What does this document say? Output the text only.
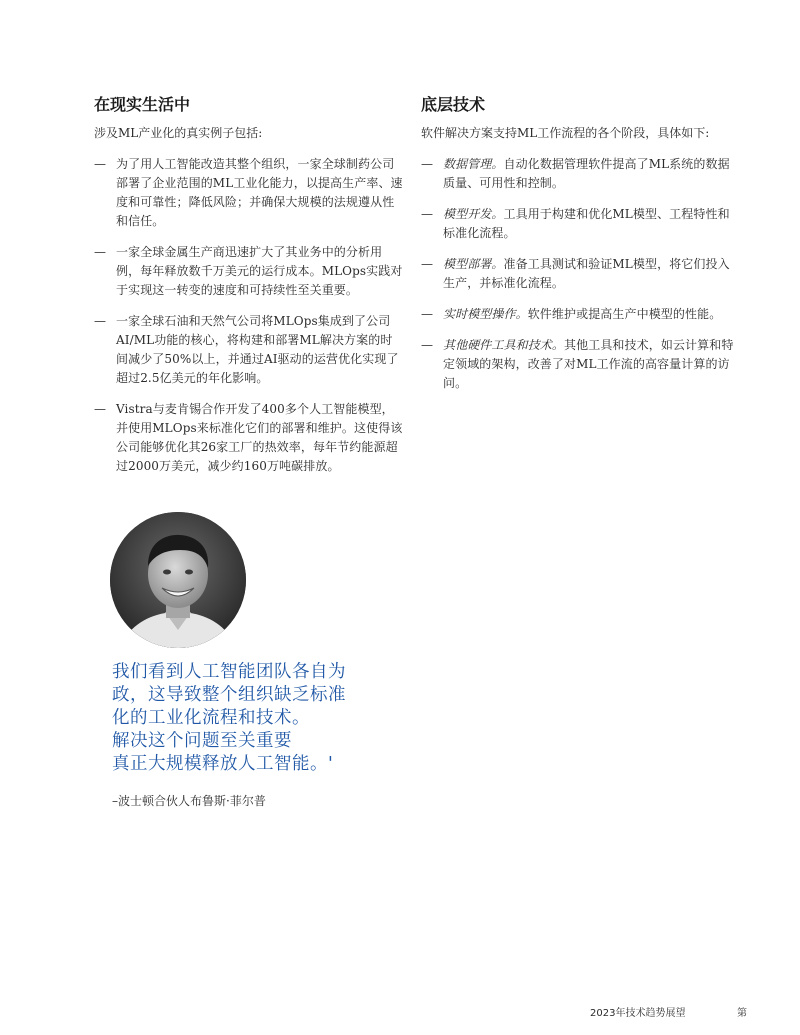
在现实生活中

涉及ML产业化的真实例子包括:

— 为了用人工智能改造其整个组织，一家全球制药公司部署了企业范围的ML工业化能力，以提高生产率、速度和可靠性；降低风险；并确保大规模的法规遵从性和信任。
— 一家全球金属生产商迅速扩大了其业务中的分析用例，每年释放数千万美元的运行成本。MLOps实践对于实现这一转变的速度和可持续性至关重要。
— 一家全球石油和天然气公司将MLOps集成到了公司AI/ML功能的核心，将构建和部署ML解决方案的时间减少了50%以上，并通过AI驱动的运营优化实现了超过2.5亿美元的年化影响。
— Vistra与麦肯锡合作开发了400多个人工智能模型，并使用MLOps来标准化它们的部署和维护。这使得该公司能够优化其26家工厂的热效率，每年节约能源超过2000万美元，减少约160万吨碳排放。
底层技术

软件解决方案支持ML工作流程的各个阶段，具体如下:

— 数据管理。自动化数据管理软件提高了ML系统的数据质量、可用性和控制。
— 模型开发。工具用于构建和优化ML模型、工程特性和标准化流程。
— 模型部署。准备工具测试和验证ML模型，将它们投入生产，并标准化流程。
— 实时模型操作。软件维护或提高生产中模型的性能。
— 其他硬件工具和技术。其他工具和技术，如云计算和特定领域的架构，改善了对ML工作流的高容量计算的访问。

我们看到人工智能团队各自为
政，这导致整个组织缺乏标准
化的工业化流程和技术。
解决这个问题至关重要
真正大规模释放人工智能。'

–波士顿合伙人布鲁斯·菲尔普
2023年技术趋势展望	第
